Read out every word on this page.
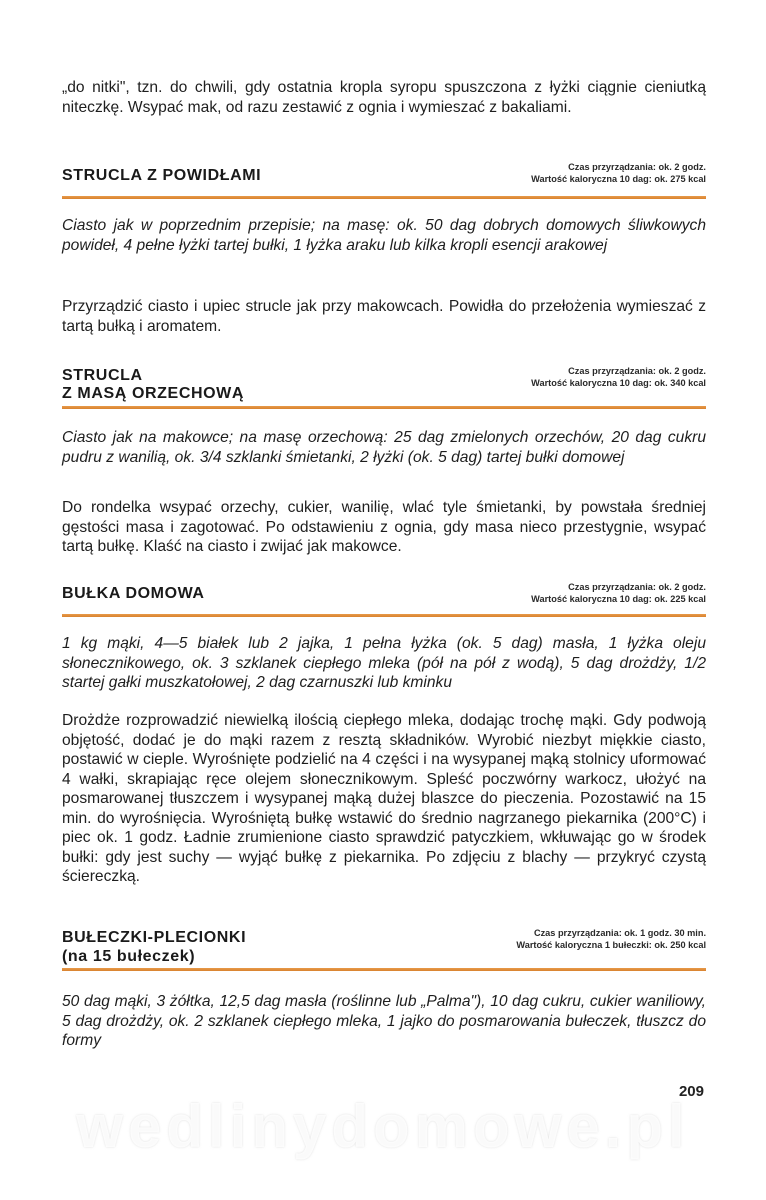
„do nitki", tzn. do chwili, gdy ostatnia kropla syropu spuszczona z łyżki ciągnie cieniutką niteczkę. Wsypać mak, od razu zestawić z ognia i wymieszać z bakaliami.

STRUCLA Z POWIDŁAMI	Czas przyrządzania: ok. 2 godz.
Wartość kaloryczna 10 dag: ok. 275 kcal

Ciasto jak w poprzednim przepisie; na masę: ok. 50 dag dobrych domowych śliwkowych powideł, 4 pełne łyżki tartej bułki, 1 łyżka araku lub kilka kropli esencji arakowej

Przyrządzić ciasto i upiec strucle jak przy makowcach. Powidła do przełożenia wymieszać z tartą bułką i aromatem.

STRUCLA
Z MASĄ ORZECHOWĄ
Czas przyrządzania: ok. 2 godz.
Wartość kaloryczna 10 dag: ok. 340 kcal

Ciasto jak na makowce; na masę orzechową: 25 dag zmielonych orzechów, 20 dag cukru pudru z wanilią, ok. 3/4 szklanki śmietanki, 2 łyżki (ok. 5 dag) tartej bułki domowej

Do rondelka wsypać orzechy, cukier, wanilię, wlać tyle śmietanki, by powstała średniej gęstości masa i zagotować. Po odstawieniu z ognia, gdy masa nieco przestygnie, wsypać tartą bułkę. Klaść na ciasto i zwijać jak makowce.

BUŁKA DOMOWA	Czas przyrządzania: ok. 2 godz.
Wartość kaloryczna 10 dag: ok. 225 kcal

1 kg mąki, 4—5 białek lub 2 jajka, 1 pełna łyżka (ok. 5 dag) masła, 1 łyżka oleju słonecznikowego, ok. 3 szklanek ciepłego mleka (pół na pół z wodą), 5 dag drożdży, 1/2 startej gałki muszkatołowej, 2 dag czarnuszki lub kminku

Drożdże rozprowadzić niewielką ilością ciepłego mleka, dodając trochę mąki. Gdy podwoją objętość, dodać je do mąki razem z resztą składników. Wyrobić niezbyt miękkie ciasto, postawić w cieple. Wyrośnięte podzielić na 4 części i na wysypanej mąką stolnicy uformować 4 wałki, skrapiając ręce olejem słonecznikowym. Spleść poczwórny warkocz, ułożyć na posmarowanej tłuszczem i wysypanej mąką dużej blaszce do pieczenia. Pozostawić na 15 min. do wyrośnięcia. Wyrośniętą bułkę wstawić do średnio nagrzanego piekarnika (200°C) i piec ok. 1 godz. Ładnie zrumienione ciasto sprawdzić patyczkiem, wkłuwając go w środek bułki: gdy jest suchy — wyjąć bułkę z piekarnika. Po zdjęciu z blachy — przykryć czystą ściereczką.

BUŁECZKI-PLECIONKI
(na 15 bułeczek)
Czas przyrządzania: ok. 1 godz. 30 min.
Wartość kaloryczna 1 bułeczki: ok. 250 kcal

50 dag mąki, 3 żółtka, 12,5 dag masła (roślinne lub „Palma"), 10 dag cukru, cukier waniliowy, 5 dag drożdży, ok. 2 szklanek ciepłego mleka, 1 jajko do posmarowania bułeczek, tłuszcz do formy

209
wedlinydomowe.pl
